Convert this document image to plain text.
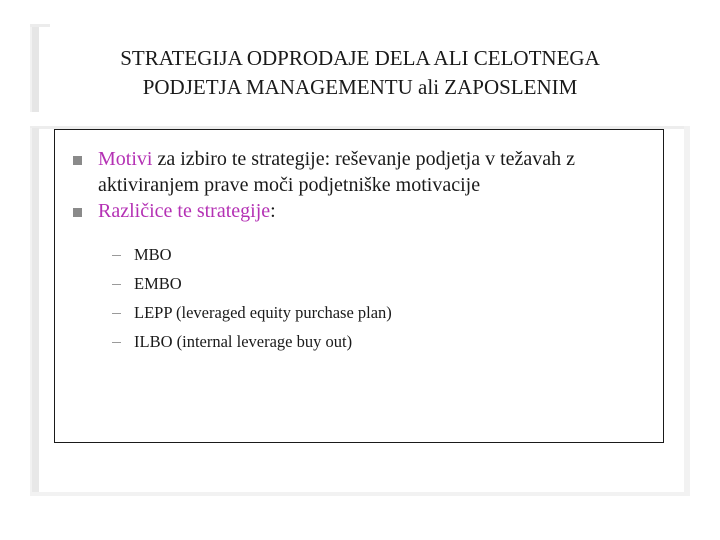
STRATEGIJA ODPRODAJE DELA ALI CELOTNEGA
PODJETJA MANAGEMENTU ali ZAPOSLENIM

Motivi za izbiro te strategije: reševanje podjetja v težavah z
aktiviranjem prave moči podjetniške motivacije

Različice te strategije:

MBO
EMBO
LEPP (leveraged equity purchase plan)
ILBO (internal leverage buy out)
